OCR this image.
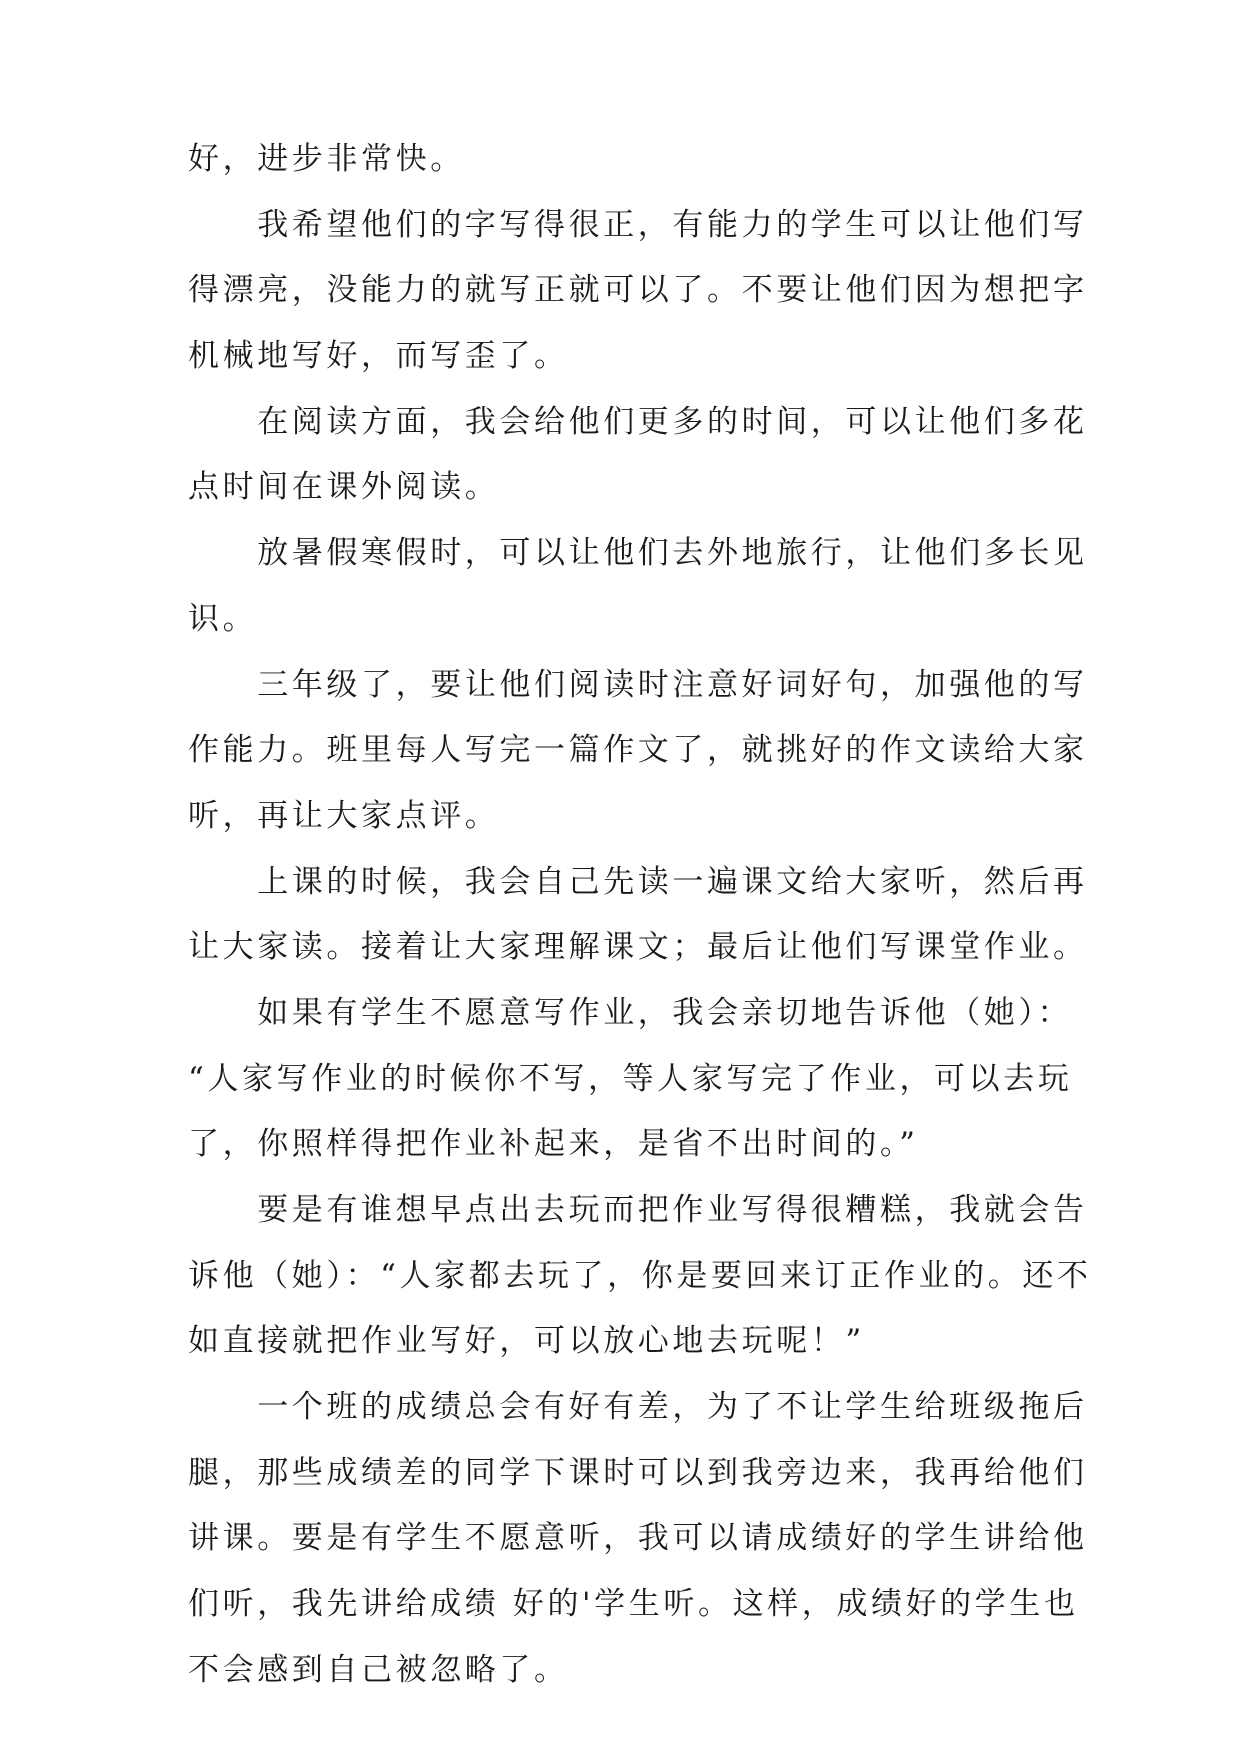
好，进步非常快。
　　我希望他们的字写得很正，有能力的学生可以让他们写
得漂亮，没能力的就写正就可以了。不要让他们因为想把字
机械地写好，而写歪了。
　　在阅读方面，我会给他们更多的时间，可以让他们多花
点时间在课外阅读。
　　放暑假寒假时，可以让他们去外地旅行，让他们多长见
识。
　　三年级了，要让他们阅读时注意好词好句，加强他的写
作能力。班里每人写完一篇作文了，就挑好的作文读给大家
听，再让大家点评。
　　上课的时候，我会自己先读一遍课文给大家听，然后再
让大家读。接着让大家理解课文；最后让他们写课堂作业。
　　如果有学生不愿意写作业，我会亲切地告诉他（她）：
“人家写作业的时候你不写，等人家写完了作业，可以去玩
了，你照样得把作业补起来，是省不出时间的。”
　　要是有谁想早点出去玩而把作业写得很糟糕，我就会告
诉他（她）：“人家都去玩了，你是要回来订正作业的。还不
如直接就把作业写好，可以放心地去玩呢！”
　　一个班的成绩总会有好有差，为了不让学生给班级拖后
腿，那些成绩差的同学下课时可以到我旁边来，我再给他们
讲课。要是有学生不愿意听，我可以请成绩好的学生讲给他
们听，我先讲给成绩 好的'学生听。这样，成绩好的学生也
不会感到自己被忽略了。
